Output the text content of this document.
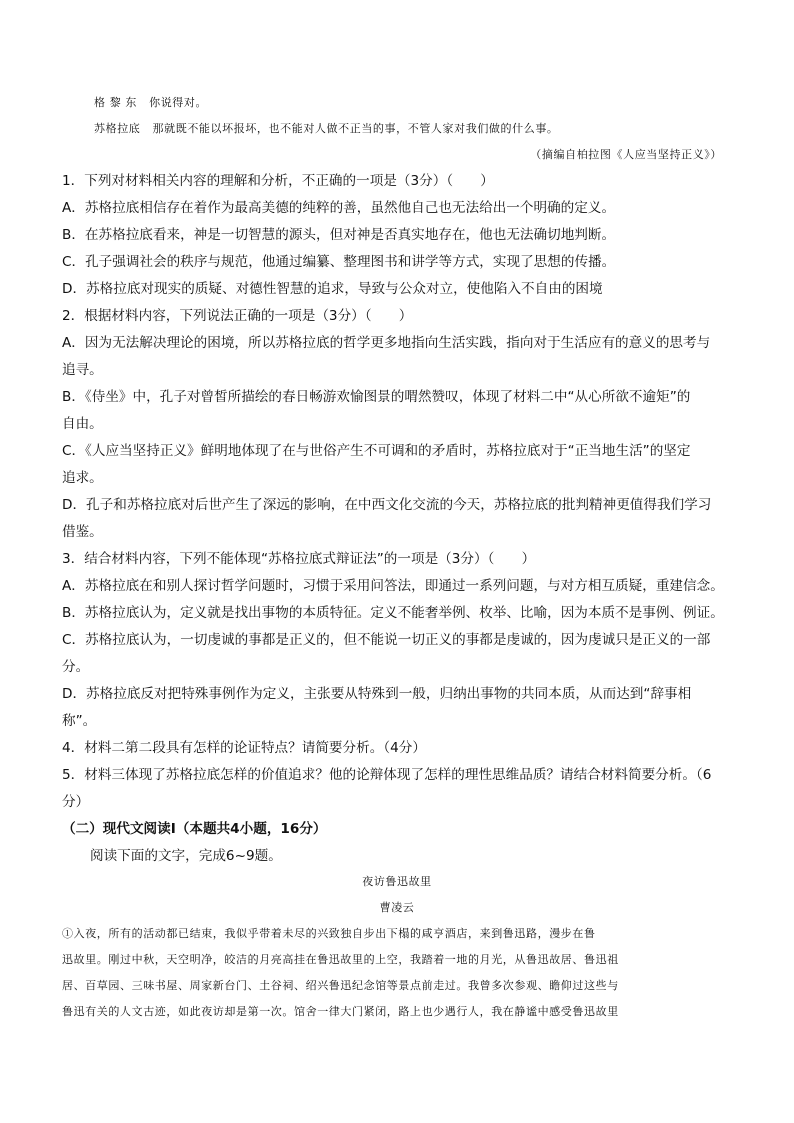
格 黎 东 你说得对。
苏格拉底 那就既不能以坏报坏，也不能对人做不正当的事，不管人家对我们做的什么事。
（摘编自柏拉图《人应当坚持正义》）
1．下列对材料相关内容的理解和分析，不正确的一项是（3分）（　　）
A．苏格拉底相信存在着作为最高美德的纯粹的善，虽然他自己也无法给出一个明确的定义。
B．在苏格拉底看来，神是一切智慧的源头，但对神是否真实地存在，他也无法确切地判断。
C．孔子强调社会的秩序与规范，他通过编纂、整理图书和讲学等方式，实现了思想的传播。
D．苏格拉底对现实的质疑、对德性智慧的追求，导致与公众对立，使他陷入不自由的困境
2．根据材料内容，下列说法正确的一项是（3分）（　　）
A．因为无法解决理论的困境，所以苏格拉底的哲学更多地指向生活实践，指向对于生活应有的意义的思考与
追寻。
B．《侍坐》中，孔子对曾皙所描绘的春日畅游欢愉图景的喟然赞叹，体现了材料二中“从心所欲不逾矩”的
自由。
C．《人应当坚持正义》鲜明地体现了在与世俗产生不可调和的矛盾时，苏格拉底对于“正当地生活”的坚定
追求。
D．孔子和苏格拉底对后世产生了深远的影响，在中西文化交流的今天，苏格拉底的批判精神更值得我们学习
借鉴。
3．结合材料内容，下列不能体现“苏格拉底式辩证法”的一项是（3分）（　　）
A．苏格拉底在和别人探讨哲学问题时，习惯于采用问答法，即通过一系列问题，与对方相互质疑，重建信念。
B．苏格拉底认为，定义就是找出事物的本质特征。定义不能奢举例、枚举、比喻，因为本质不是事例、例证。
C．苏格拉底认为，一切虔诚的事都是正义的，但不能说一切正义的事都是虔诚的，因为虔诚只是正义的一部
分。
D．苏格拉底反对把特殊事例作为定义，主张要从特殊到一般，归纳出事物的共同本质，从而达到“辞事相
称”。
4．材料二第二段具有怎样的论证特点？请简要分析。（4分）
5．材料三体现了苏格拉底怎样的价值追求？他的论辩体现了怎样的理性思维品质？请结合材料简要分析。（6
分）
（二）现代文阅读Ⅰ（本题共4小题，16分）
阅读下面的文字，完成6~9题。
夜访鲁迅故里
曹凌云
①入夜，所有的活动都已结束，我似乎带着未尽的兴致独自步出下榻的咸亨酒店，来到鲁迅路，漫步在鲁
迅故里。刚过中秋，天空明净，皎洁的月亮高挂在鲁迅故里的上空，我踏着一地的月光，从鲁迅故居、鲁迅祖
居、百草园、三味书屋、周家新台门、土谷祠、绍兴鲁迅纪念馆等景点前走过。我曾多次参观、瞻仰过这些与
鲁迅有关的人文古迹，如此夜访却是第一次。馆舍一律大门紧闭，路上也少遇行人，我在静谧中感受鲁迅故里
